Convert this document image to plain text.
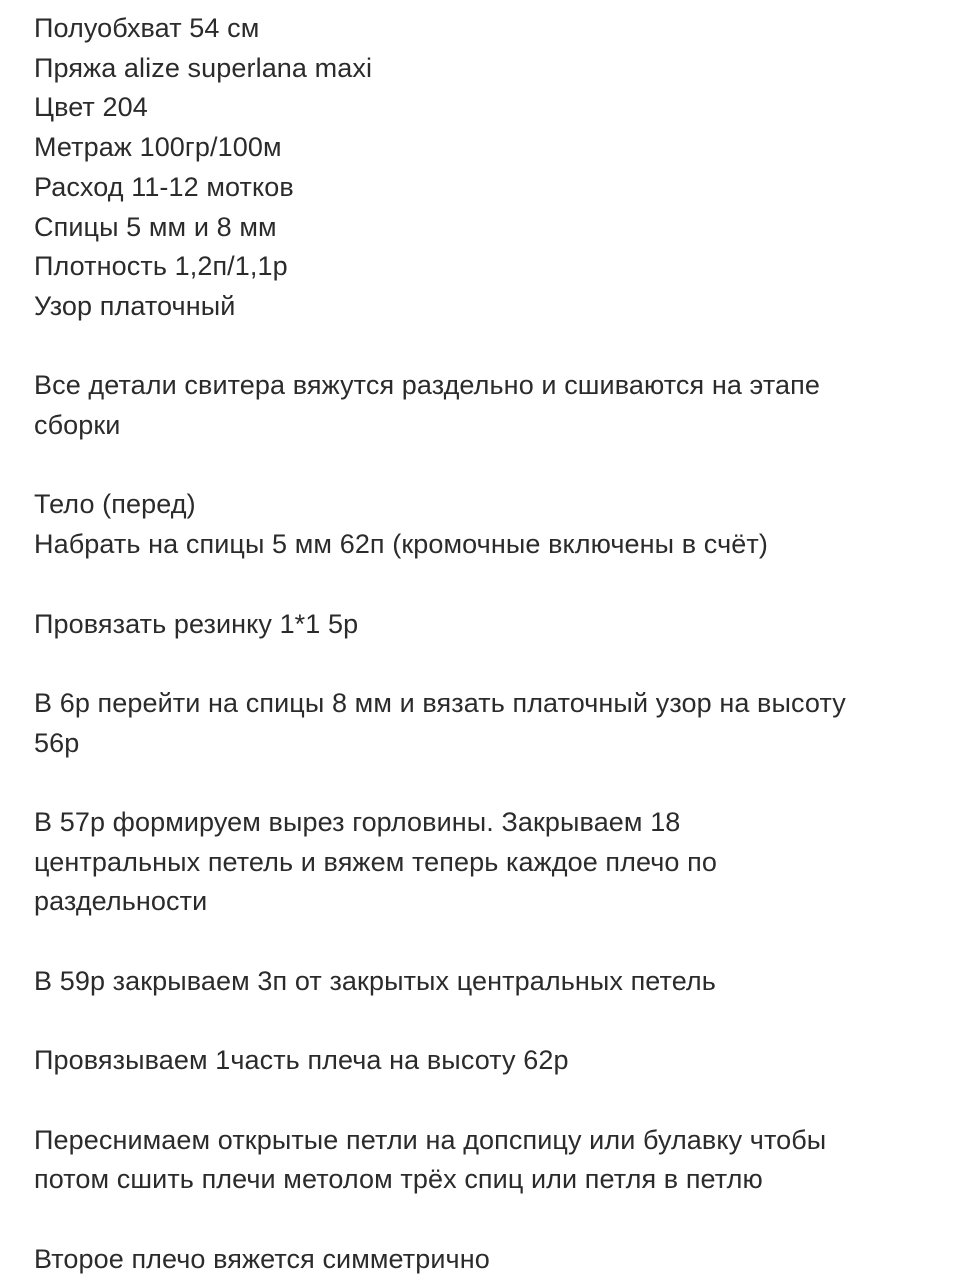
Полуобхват 54 см
Пряжа alize superlana maxi
Цвет 204
Метраж 100гр/100м
Расход 11-12 мотков
Спицы 5 мм и 8 мм
Плотность 1,2п/1,1р
Узор платочный
Все детали свитера вяжутся раздельно и сшиваются на этапе
сборки
Тело (перед)
Набрать на спицы 5 мм 62п (кромочные включены в счёт)
Провязать резинку 1*1 5р
В 6р перейти на спицы 8 мм и вязать платочный узор на высоту
56р
В 57р формируем вырез горловины. Закрываем 18
центральных петель и вяжем теперь каждое плечо по
раздельности
В 59р закрываем 3п от закрытых центральных петель
Провязываем 1часть плеча на высоту 62р
Переснимаем открытые петли на допспицу или булавку чтобы
потом сшить плечи метолом трёх спиц или петля в петлю
Второе плечо вяжется симметрично
